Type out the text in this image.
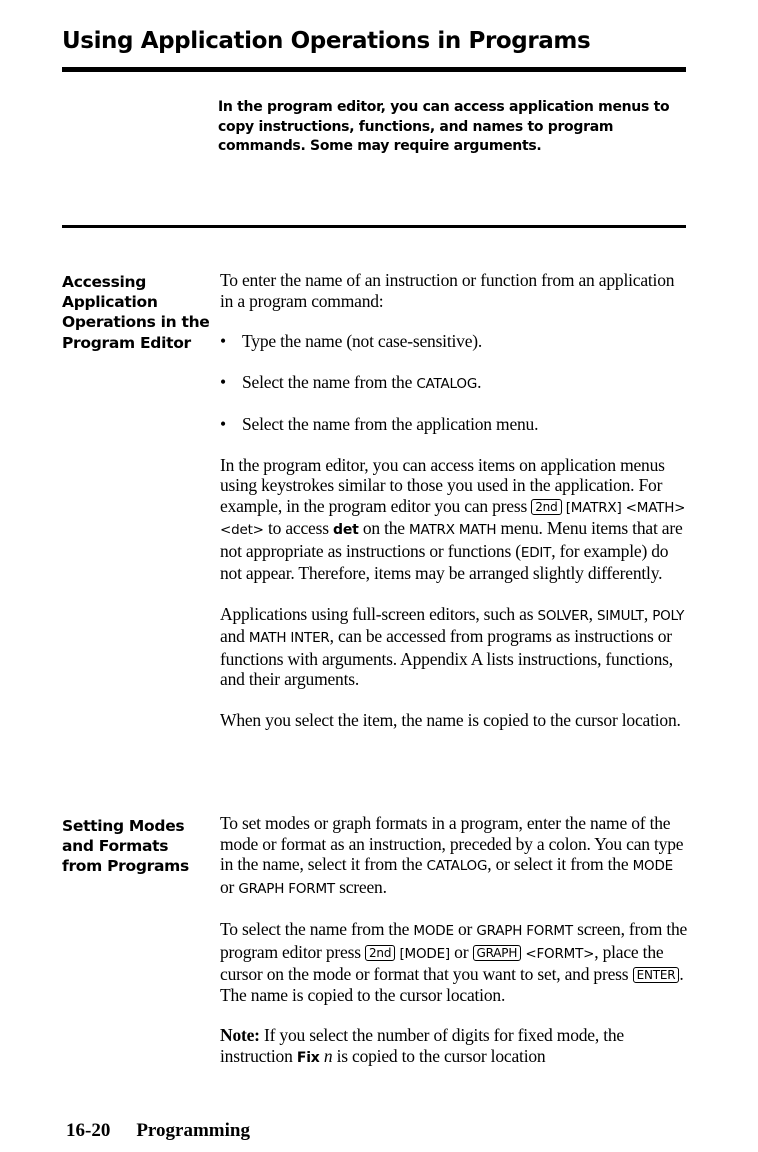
Using Application Operations in Programs
In the program editor, you can access application menus to copy instructions, functions, and names to program commands. Some may require arguments.
Accessing Application Operations in the Program Editor

To enter the name of an instruction or function from an application in a program command:

• Type the name (not case-sensitive).

• Select the name from the CATALOG.

• Select the name from the application menu.

In the program editor, you can access items on application menus using keystrokes similar to those you used in the application. For example, in the program editor you can press 2nd [MATRX] <MATH> <det> to access det on the MATRX MATH menu. Menu items that are not appropriate as instructions or functions (EDIT, for example) do not appear. Therefore, items may be arranged slightly differently.

Applications using full-screen editors, such as SOLVER, SIMULT, POLY and MATH INTER, can be accessed from programs as instructions or functions with arguments. Appendix A lists instructions, functions, and their arguments.

When you select the item, the name is copied to the cursor location.

Setting Modes and Formats from Programs

To set modes or graph formats in a program, enter the name of the mode or format as an instruction, preceded by a colon. You can type in the name, select it from the CATALOG, or select it from the MODE or GRAPH FORMT screen.

To select the name from the MODE or GRAPH FORMT screen, from the program editor press 2nd [MODE] or GRAPH <FORMT>, place the cursor on the mode or format that you want to set, and press ENTER . The name is copied to the cursor location.

Note: If you select the number of digits for fixed mode, the instruction Fix n is copied to the cursor location

16-20 Programming
